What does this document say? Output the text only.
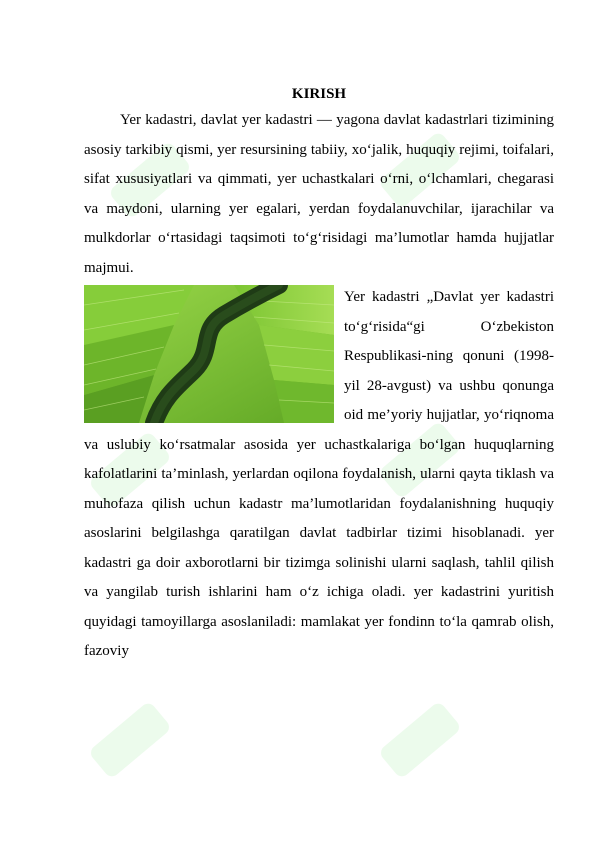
KIRISH

Yer kadastri, davlat yer kadastri — yagona davlat kadastrlari tizimining asosiy tarkibiy qismi, yer resursining tabiiy, xo‘jalik, huquqiy rejimi, toifalari, sifat xususiyatlari va qimmati, yer uchastkalari o‘rni, o‘lchamlari, chegarasi va maydoni, ularning yer egalari, yerdan foydalanuvchilar, ijarachilar va mulkdorlar o‘rtasidagi taqsimoti to‘g‘risidagi ma’lumotlar hamda hujjatlar majmui.

Yer kadastri „Davlat yer kadastri to‘g‘risida“gi O‘zbekiston Respublikasi-ning qonuni (1998-yil 28-avgust) va ushbu qonunga oid me’yoriy hujjatlar, yo‘riqnoma va uslubiy ko‘rsatmalar asosida yer uchastkalariga bo‘lgan huquqlarning kafolatlarini ta’minlash, yerlardan oqilona foydalanish, ularni qayta tiklash va muhofaza qilish uchun kadastr ma’lumotlaridan foydalanishning huquqiy asoslarini belgilashga qaratilgan davlat tadbirlar tizimi hisoblanadi. yer kadastri ga doir axborotlarni bir tizimga solinishi ularni saqlash, tahlil qilish va yangilab turish ishlarini ham o‘z ichiga oladi. yer kadastrini yuritish quyidagi tamoyillarga asoslaniladi: mamlakat yer fondinn to‘la qamrab olish, fazoviy
